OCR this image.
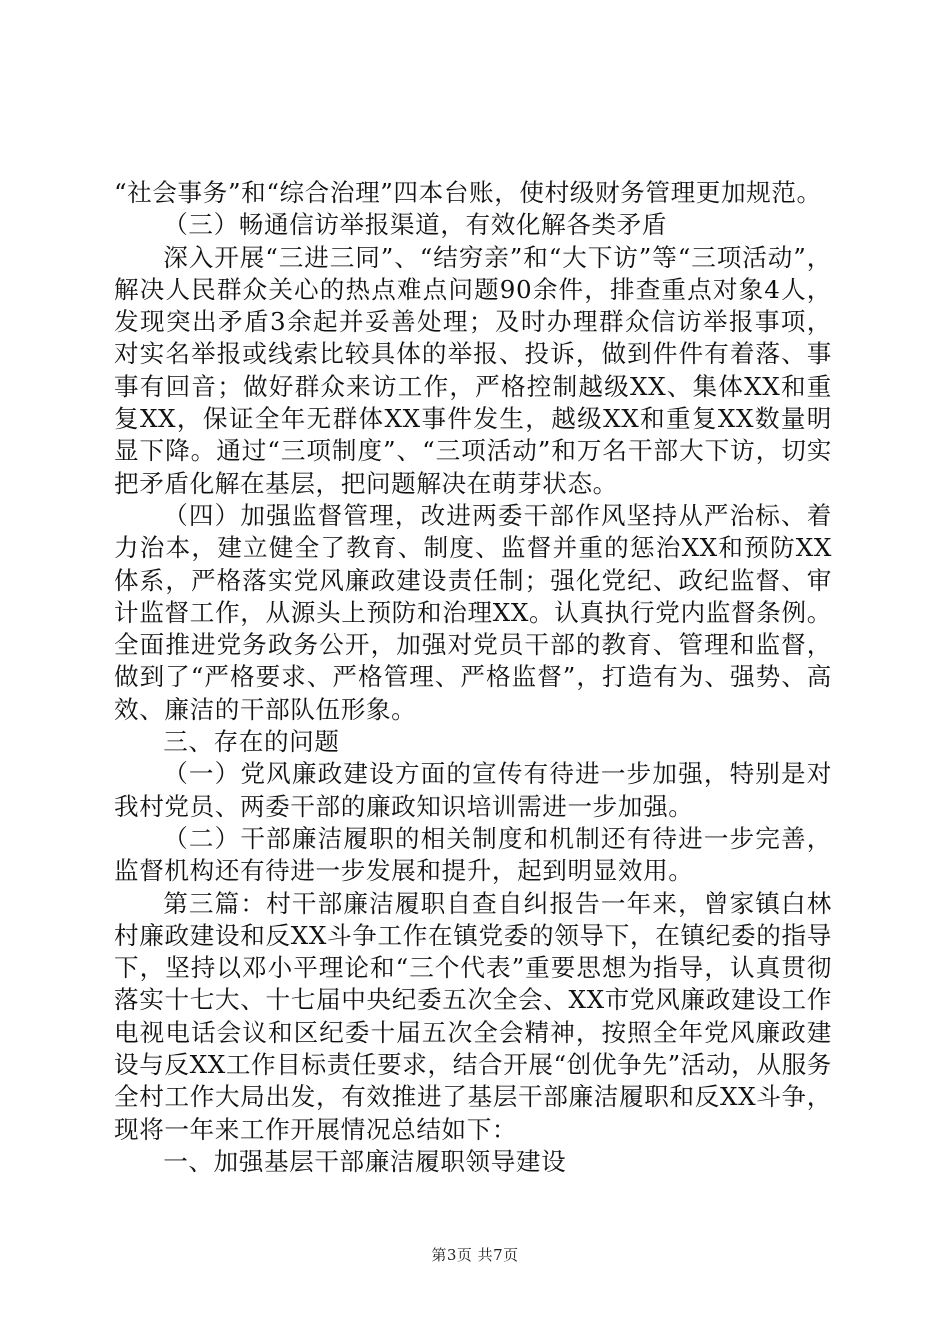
“社会事务”和“综合治理”四本台账，使村级财务管理更加规范。

（三）畅通信访举报渠道，有效化解各类矛盾

深入开展“三进三同”、“结穷亲”和“大下访”等“三项活动”，解决人民群众关心的热点难点问题90余件，排查重点对象4人，发现突出矛盾3余起并妥善处理；及时办理群众信访举报事项，对实名举报或线索比较具体的举报、投诉，做到件件有着落、事事有回音；做好群众来访工作，严格控制越级XX、集体XX和重复XX，保证全年无群体XX事件发生，越级XX和重复XX数量明显下降。通过“三项制度”、“三项活动”和万名干部大下访，切实把矛盾化解在基层，把问题解决在萌芽状态。

（四）加强监督管理，改进两委干部作风坚持从严治标、着力治本，建立健全了教育、制度、监督并重的惩治XX和预防XX体系，严格落实党风廉政建设责任制；强化党纪、政纪监督、审计监督工作，从源头上预防和治理XX。认真执行党内监督条例。全面推进党务政务公开，加强对党员干部的教育、管理和监督，做到了“严格要求、严格管理、严格监督”，打造有为、强势、高效、廉洁的干部队伍形象。

三、存在的问题

（一）党风廉政建设方面的宣传有待进一步加强，特别是对我村党员、两委干部的廉政知识培训需进一步加强。

（二）干部廉洁履职的相关制度和机制还有待进一步完善，监督机构还有待进一步发展和提升，起到明显效用。

第三篇：村干部廉洁履职自查自纠报告一年来，曾家镇白林村廉政建设和反XX斗争工作在镇党委的领导下，在镇纪委的指导下，坚持以邓小平理论和“三个代表”重要思想为指导，认真贯彻落实十七大、十七届中央纪委五次全会、XX市党风廉政建设工作电视电话会议和区纪委十届五次全会精神，按照全年党风廉政建设与反XX工作目标责任要求，结合开展“创优争先”活动，从服务全村工作大局出发，有效推进了基层干部廉洁履职和反XX斗争，现将一年来工作开展情况总结如下：

一、加强基层干部廉洁履职领导建设

第3页 共7页
